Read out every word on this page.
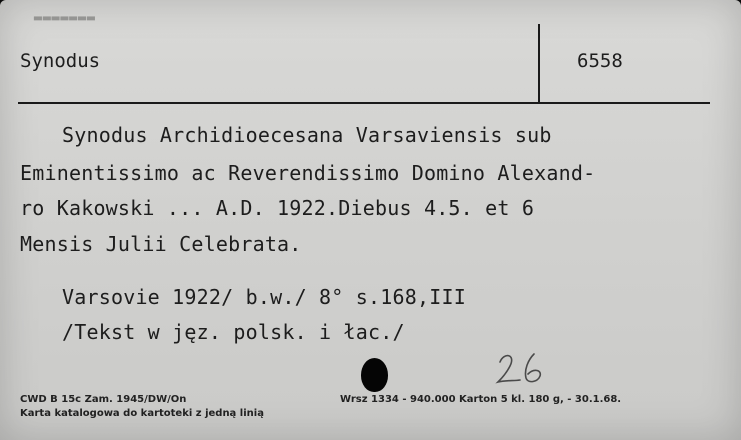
▂▂▂▂▂▂▂
Synodus	6558
Synodus Archidioecesana Varsaviensis sub
Eminentissimo ac Reverendissimo Domino Alexand-
ro Kakowski ... A.D. 1922.Diebus 4.5. et 6
Mensis Julii Celebrata.
Varsovie 1922/ b.w./ 8° s.168,III
/Tekst w jęz. polsk. i łac./
CWD B 15c Zam. 1945/DW/On	Wrsz 1334 - 940.000 Karton 5 kl. 180 g, - 30.1.68.
Karta katalogowa do kartoteki z jedną linią
